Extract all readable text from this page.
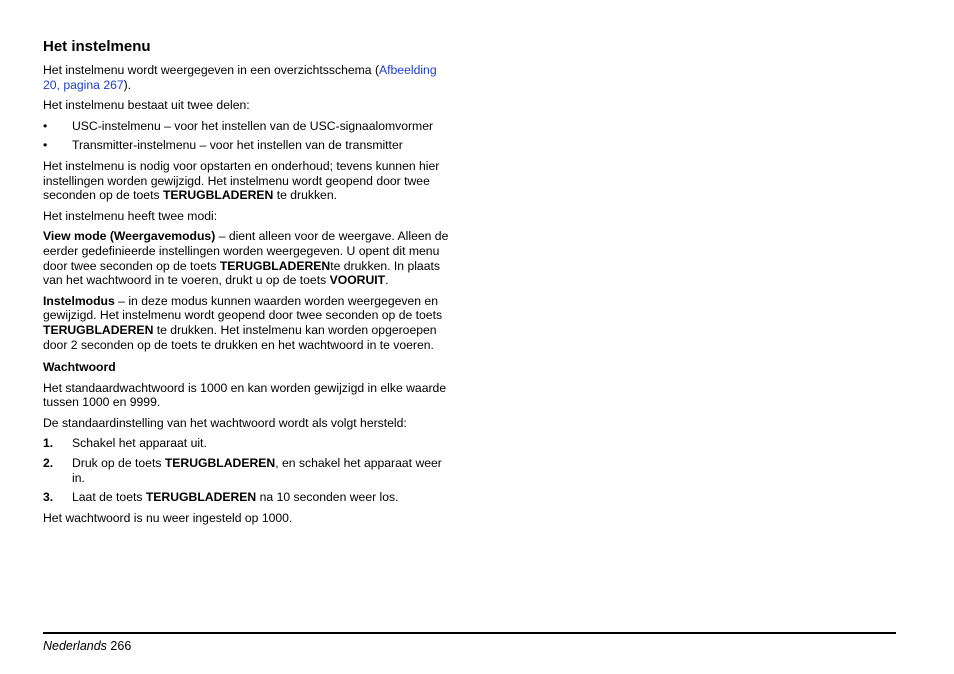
Het instelmenu

Het instelmenu wordt weergegeven in een overzichtsschema (Afbeelding 20, pagina 267).

Het instelmenu bestaat uit twee delen:

• USC-instelmenu – voor het instellen van de USC-signaalomvormer
• Transmitter-instelmenu – voor het instellen van de transmitter

Het instelmenu is nodig voor opstarten en onderhoud; tevens kunnen hier instellingen worden gewijzigd. Het instelmenu wordt geopend door twee seconden op de toets TERUGBLADEREN te drukken.

Het instelmenu heeft twee modi:

View mode (Weergavemodus) – dient alleen voor de weergave. Alleen de eerder gedefinieerde instellingen worden weergegeven. U opent dit menu door twee seconden op de toets TERUGBLADERENte drukken. In plaats van het wachtwoord in te voeren, drukt u op de toets VOORUIT.

Instelmodus – in deze modus kunnen waarden worden weergegeven en gewijzigd. Het instelmenu wordt geopend door twee seconden op de toets TERUGBLADEREN te drukken. Het instelmenu kan worden opgeroepen door 2 seconden op de toets te drukken en het wachtwoord in te voeren.

Wachtwoord

Het standaardwachtwoord is 1000 en kan worden gewijzigd in elke waarde tussen 1000 en 9999.

De standaardinstelling van het wachtwoord wordt als volgt hersteld:

1. Schakel het apparaat uit.
2. Druk op de toets TERUGBLADEREN, en schakel het apparaat weer in.
3. Laat de toets TERUGBLADEREN na 10 seconden weer los.

Het wachtwoord is nu weer ingesteld op 1000.

Nederlands 266
